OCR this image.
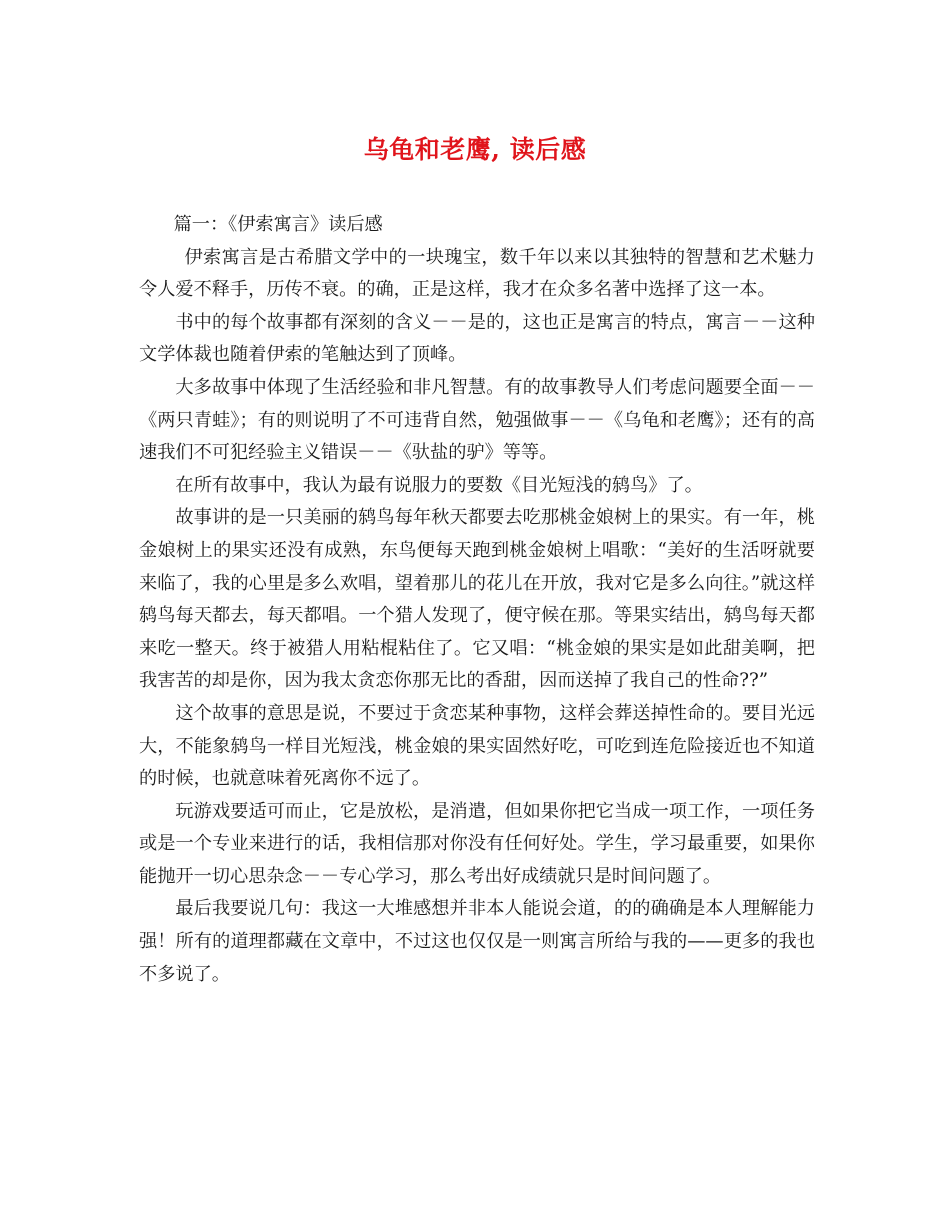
乌龟和老鹰, 读后感

篇一：《伊索寓言》读后感

伊索寓言是古希腊文学中的一块瑰宝，数千年以来以其独特的智慧和艺术魅力令人爱不释手，历传不衰。的确，正是这样，我才在众多名著中选择了这一本。

书中的每个故事都有深刻的含义－－是的，这也正是寓言的特点，寓言－－这种文学体裁也随着伊索的笔触达到了顶峰。

大多故事中体现了生活经验和非凡智慧。有的故事教导人们考虑问题要全面－－《两只青蛙》；有的则说明了不可违背自然，勉强做事－－《乌龟和老鹰》；还有的高速我们不可犯经验主义错误－－《驮盐的驴》等等。

在所有故事中，我认为最有说服力的要数《目光短浅的鸫鸟》了。

故事讲的是一只美丽的鸫鸟每年秋天都要去吃那桃金娘树上的果实。有一年，桃金娘树上的果实还没有成熟，东鸟便每天跑到桃金娘树上唱歌：“美好的生活呀就要来临了，我的心里是多么欢唱，望着那儿的花儿在开放，我对它是多么向往。”就这样鸫鸟每天都去，每天都唱。一个猎人发现了，便守候在那。等果实结出，鸫鸟每天都来吃一整天。终于被猎人用粘棍粘住了。它又唱：“桃金娘的果实是如此甜美啊，把我害苦的却是你，因为我太贪恋你那无比的香甜，因而送掉了我自己的性命??”

这个故事的意思是说，不要过于贪恋某种事物，这样会葬送掉性命的。要目光远大，不能象鸫鸟一样目光短浅，桃金娘的果实固然好吃，可吃到连危险接近也不知道的时候，也就意味着死离你不远了。

玩游戏要适可而止，它是放松，是消遣，但如果你把它当成一项工作，一项任务或是一个专业来进行的话，我相信那对你没有任何好处。学生，学习最重要，如果你能抛开一切心思杂念－－专心学习，那么考出好成绩就只是时间问题了。

最后我要说几句：我这一大堆感想并非本人能说会道，的的确确是本人理解能力强！所有的道理都藏在文章中，不过这也仅仅是一则寓言所给与我的——更多的我也不多说了。
